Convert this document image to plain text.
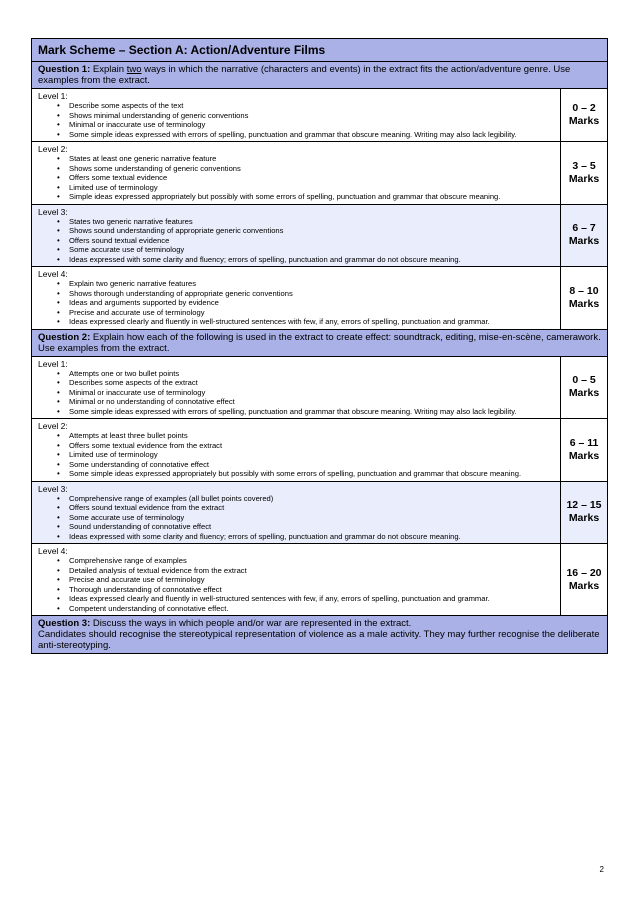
Mark Scheme – Section A: Action/Adventure Films
Question 1: Explain two ways in which the narrative (characters and events) in the extract fits the action/adventure genre. Use examples from the extract.
Level 1:
• Describe some aspects of the text
• Shows minimal understanding of generic conventions
• Minimal or inaccurate use of terminology
• Some simple ideas expressed with errors of spelling, punctuation and grammar that obscure meaning. Writing may also lack legibility.
0 – 2
Marks
Level 2:
• States at least one generic narrative feature
• Shows some understanding of generic conventions
• Offers some textual evidence
• Limited use of terminology
• Simple ideas expressed appropriately but possibly with some errors of spelling, punctuation and grammar that obscure meaning.
3 – 5
Marks
Level 3:
• States two generic narrative features
• Shows sound understanding of appropriate generic conventions
• Offers sound textual evidence
• Some accurate use of terminology
• Ideas expressed with some clarity and fluency; errors of spelling, punctuation and grammar do not obscure meaning.
6 – 7
Marks
Level 4:
• Explain two generic narrative features
• Shows thorough understanding of appropriate generic conventions
• Ideas and arguments supported by evidence
• Precise and accurate use of terminology
• Ideas expressed clearly and fluently in well-structured sentences with few, if any, errors of spelling, punctuation and grammar.
8 – 10
Marks
Question 2: Explain how each of the following is used in the extract to create effect: soundtrack, editing, mise-en-scène, camerawork. Use examples from the extract.
Level 1:
• Attempts one or two bullet points
• Describes some aspects of the extract
• Minimal or inaccurate use of terminology
• Minimal or no understanding of connotative effect
• Some simple ideas expressed with errors of spelling, punctuation and grammar that obscure meaning. Writing may also lack legibility.
0 – 5
Marks
Level 2:
• Attempts at least three bullet points
• Offers some textual evidence from the extract
• Limited use of terminology
• Some understanding of connotative effect
• Some simple ideas expressed appropriately but possibly with some errors of spelling, punctuation and grammar that obscure meaning.
6 – 11
Marks
Level 3:
• Comprehensive range of examples (all bullet points covered)
• Offers sound textual evidence from the extract
• Some accurate use of terminology
• Sound understanding of connotative effect
• Ideas expressed with some clarity and fluency; errors of spelling, punctuation and grammar do not obscure meaning.
12 – 15
Marks
Level 4:
• Comprehensive range of examples
• Detailed analysis of textual evidence from the extract
• Precise and accurate use of terminology
• Thorough understanding of connotative effect
• Ideas expressed clearly and fluently in well-structured sentences with few, if any, errors of spelling, punctuation and grammar.
• Competent understanding of connotative effect.
16 – 20
Marks
Question 3: Discuss the ways in which people and/or war are represented in the extract.
Candidates should recognise the stereotypical representation of violence as a male activity. They may further recognise the deliberate anti-stereotyping.
2
